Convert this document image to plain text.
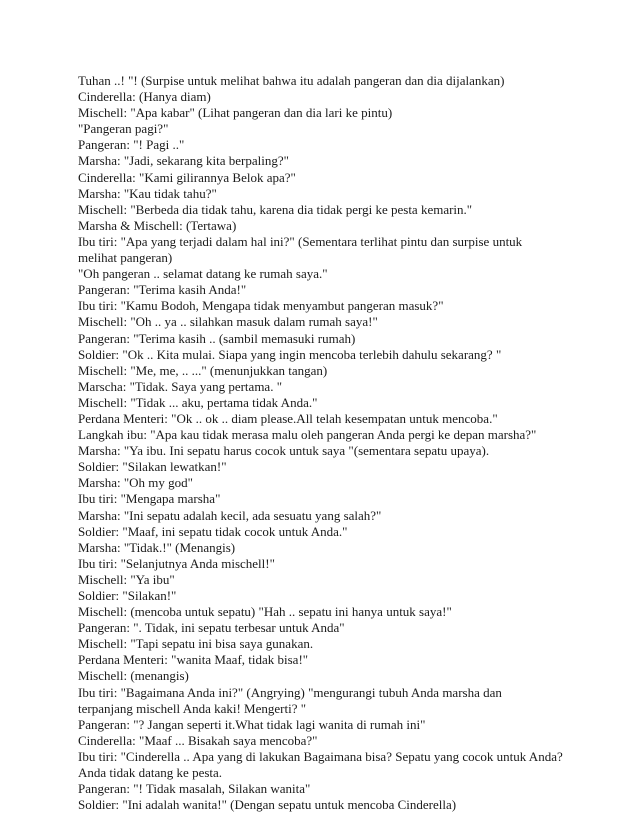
Tuhan ..! "! (Surpise untuk melihat bahwa itu adalah pangeran dan dia dijalankan)

Cinderella: (Hanya diam)

Mischell: "Apa kabar" (Lihat pangeran dan dia lari ke pintu)

"Pangeran pagi?"

Pangeran: "! Pagi .."

Marsha: "Jadi, sekarang kita berpaling?"

Cinderella: "Kami gilirannya Belok apa?"

Marsha: "Kau tidak tahu?"

Mischell: "Berbeda dia tidak tahu, karena dia tidak pergi ke pesta kemarin."

Marsha & Mischell: (Tertawa)

Ibu tiri: "Apa yang terjadi dalam hal ini?" (Sementara terlihat pintu dan surpise untuk

melihat pangeran)

"Oh pangeran .. selamat datang ke rumah saya."

Pangeran: "Terima kasih Anda!"

Ibu tiri: "Kamu Bodoh, Mengapa tidak menyambut pangeran masuk?"

Mischell: "Oh .. ya .. silahkan masuk dalam rumah saya!"

Pangeran: "Terima kasih .. (sambil memasuki rumah)

Soldier: "Ok .. Kita mulai. Siapa yang ingin mencoba terlebih dahulu sekarang? "

Mischell: "Me, me, .. ..." (menunjukkan tangan)

Marscha: "Tidak. Saya yang pertama. "

Mischell: "Tidak ... aku, pertama tidak Anda."

Perdana Menteri: "Ok .. ok .. diam please.All telah kesempatan untuk mencoba."

Langkah ibu: "Apa kau tidak merasa malu oleh pangeran Anda pergi ke depan marsha?"

Marsha: "Ya ibu. Ini sepatu harus cocok untuk saya "(sementara sepatu upaya).

Soldier: "Silakan lewatkan!"

Marsha: "Oh my god"

Ibu tiri: "Mengapa marsha"

Marsha: "Ini sepatu adalah kecil, ada sesuatu yang salah?"

Soldier: "Maaf, ini sepatu tidak cocok untuk Anda."

Marsha: "Tidak.!" (Menangis)

Ibu tiri: "Selanjutnya Anda mischell!"

Mischell: "Ya ibu"

Soldier: "Silakan!"

Mischell: (mencoba untuk sepatu) "Hah .. sepatu ini hanya untuk saya!"

Pangeran: ". Tidak, ini sepatu terbesar untuk Anda"

Mischell: "Tapi sepatu ini bisa saya gunakan.

Perdana Menteri: "wanita Maaf, tidak bisa!"

Mischell: (menangis)

Ibu tiri: "Bagaimana Anda ini?" (Angrying) "mengurangi tubuh Anda marsha dan

terpanjang mischell Anda kaki! Mengerti? "

Pangeran: "? Jangan seperti it.What tidak lagi wanita di rumah ini"

Cinderella: "Maaf ... Bisakah saya mencoba?"

Ibu tiri: "Cinderella .. Apa yang di lakukan Bagaimana bisa? Sepatu yang cocok untuk Anda?

Anda tidak datang ke pesta.

Pangeran: "! Tidak masalah, Silakan wanita"

Soldier: "Ini adalah wanita!" (Dengan sepatu untuk mencoba Cinderella)
